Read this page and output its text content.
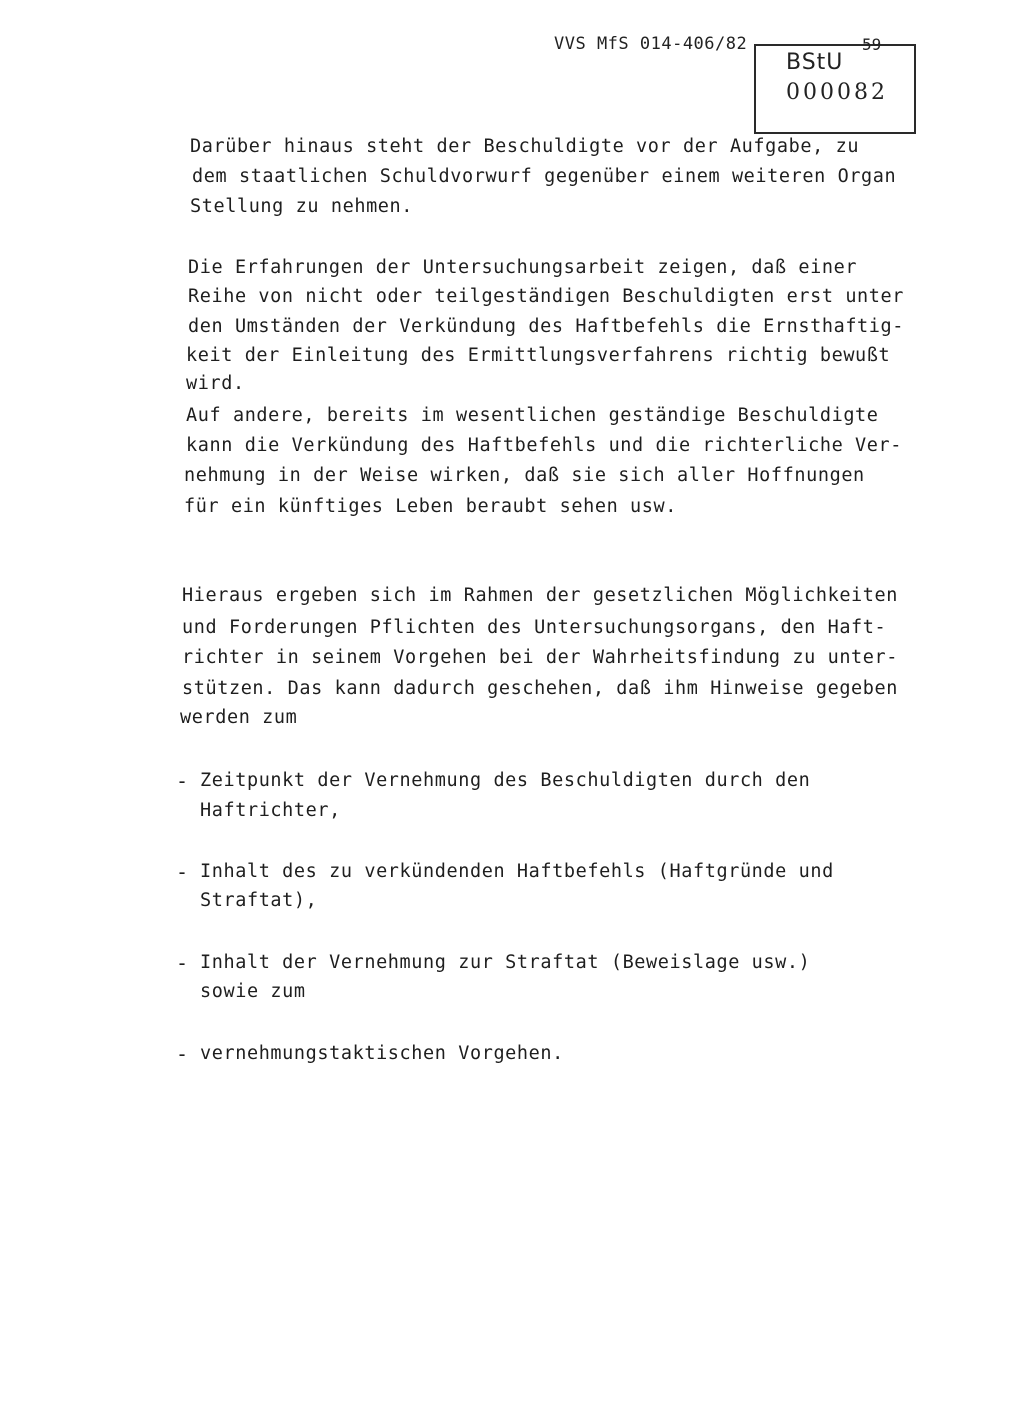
VVS MfS 014-406/82
BStU
000082
59
Darüber hinaus steht der Beschuldigte vor der Aufgabe, zu
dem staatlichen Schuldvorwurf gegenüber einem weiteren Organ
Stellung zu nehmen.
Die Erfahrungen der Untersuchungsarbeit zeigen, daß einer
Reihe von nicht oder teilgeständigen Beschuldigten erst unter
den Umständen der Verkündung des Haftbefehls die Ernsthaftig-
keit der Einleitung des Ermittlungsverfahrens richtig bewußt
wird.
Auf andere, bereits im wesentlichen geständige Beschuldigte
kann die Verkündung des Haftbefehls und die richterliche Ver-
nehmung in der Weise wirken, daß sie sich aller Hoffnungen
für ein künftiges Leben beraubt sehen usw.
Hieraus ergeben sich im Rahmen der gesetzlichen Möglichkeiten
und Forderungen Pflichten des Untersuchungsorgans, den Haft-
richter in seinem Vorgehen bei der Wahrheitsfindung zu unter-
stützen. Das kann dadurch geschehen, daß ihm Hinweise gegeben
werden zum
- Zeitpunkt der Vernehmung des Beschuldigten durch den
Haftrichter,
- Inhalt des zu verkündenden Haftbefehls (Haftgründe und
Straftat),
- Inhalt der Vernehmung zur Straftat (Beweislage usw.)
sowie zum
- vernehmungstaktischen Vorgehen.
